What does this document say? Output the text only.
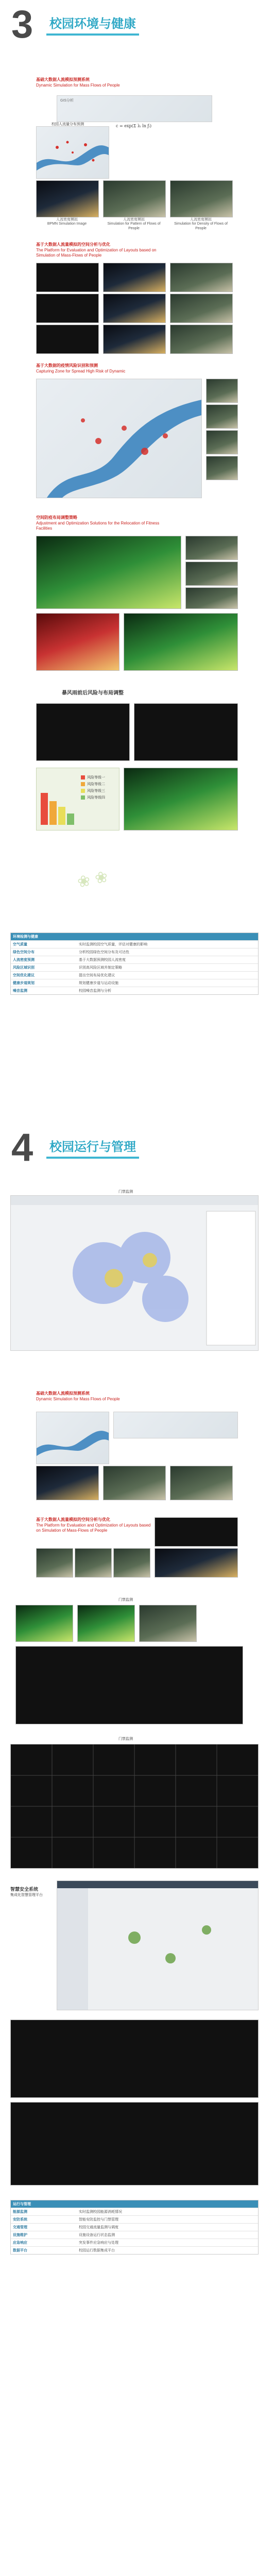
3 校园环境与健康
基础大数据人流模拟预测系统
Dynamic Simulation for Mass Flows of People
GIS分析
c = exp(Σ λᵢ ln ƒᵢ)
校园人流量分布预测
人流密度模拟
BPMN Simulation Image
人流密度模拟
Simulation for Pattern of Flows of People
人流密度模拟
Simulation for Density of Flows of People
基于大数据人流量模拟的空间分析与优化
The Platform for Evaluation and Optimization of Layouts based on Simulation of Mass-Flows of People
基于大数据的疫情风险识别和预测
Capturing Zone for Spread High Risk of Dynamic
空间防疫布局调整策略
Adjustment and Optimization Solutions for the Relocation of Fitness Facilities
暴风雨前后风险与布局调整
风险等级一
风险等级二
风险等级三
风险等级四
❀ ❀
环境检测与健康
空气质量	实时监测校园空气质量，评估对健康的影响
绿色空间分布	分析校园绿色空间分布及可达性
人流密度预测	基于大数据预测校园人流密度
风险区域识别	识别高风险区域并制定策略
空间优化建议	提出空间布局优化建议
健康步道规划	规划健康步道与运动设施
噪音监测	校园噪音监测与分析
4 校园运行与管理
门禁监测
基础大数据人流模拟预测系统
Dynamic Simulation for Mass Flows of People
基于大数据人流量模拟的空间分析与优化
The Platform for Evaluation and Optimization of Layouts based on Simulation of Mass-Flows of People
门禁监测
门禁监测
智慧安全系统
集成化智慧管理平台
运行与管理
能源监测	实时监测校园能源消耗情况
安防系统	智能安防监控与门禁管理
交通管理	校园交通流量监测与调度
设施维护	设施设备运行状态监测
应急响应	突发事件应急响应与处理
数据平台	校园运行数据集成平台
